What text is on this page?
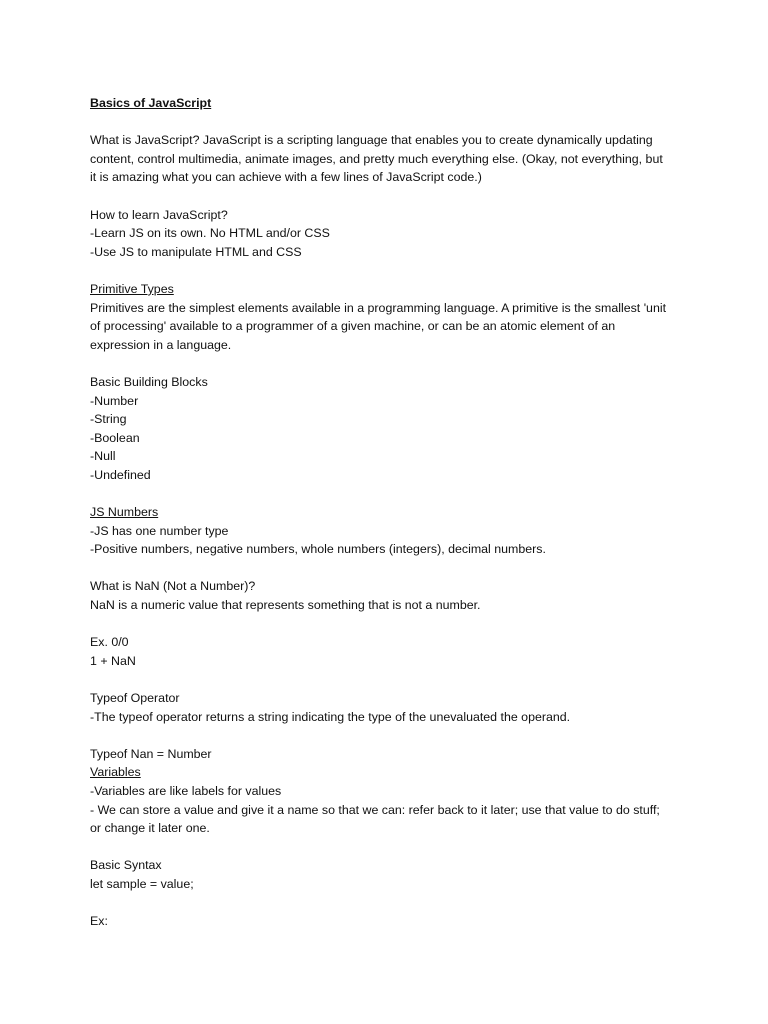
Basics of JavaScript
What is JavaScript? JavaScript is a scripting language that enables you to create dynamically updating
content, control multimedia, animate images, and pretty much everything else. (Okay, not everything, but
it is amazing what you can achieve with a few lines of JavaScript code.)
How to learn JavaScript?
-Learn JS on its own. No HTML and/or CSS
-Use JS to manipulate HTML and CSS
Primitive Types
Primitives are the simplest elements available in a programming language. A primitive is the smallest 'unit
of processing' available to a programmer of a given machine, or can be an atomic element of an
expression in a language.
Basic Building Blocks
-Number
-String
-Boolean
-Null
-Undefined
JS Numbers
-JS has one number type
-Positive numbers, negative numbers, whole numbers (integers), decimal numbers.
What is NaN (Not a Number)?
NaN is a numeric value that represents something that is not a number.
Ex. 0/0
1 + NaN
Typeof Operator
-The typeof operator returns a string indicating the type of the unevaluated the operand.
Typeof Nan = Number
Variables
-Variables are like labels for values
- We can store a value and give it a name so that we can: refer back to it later; use that value to do stuff;
or change it later one.
Basic Syntax
let sample = value;
Ex:
